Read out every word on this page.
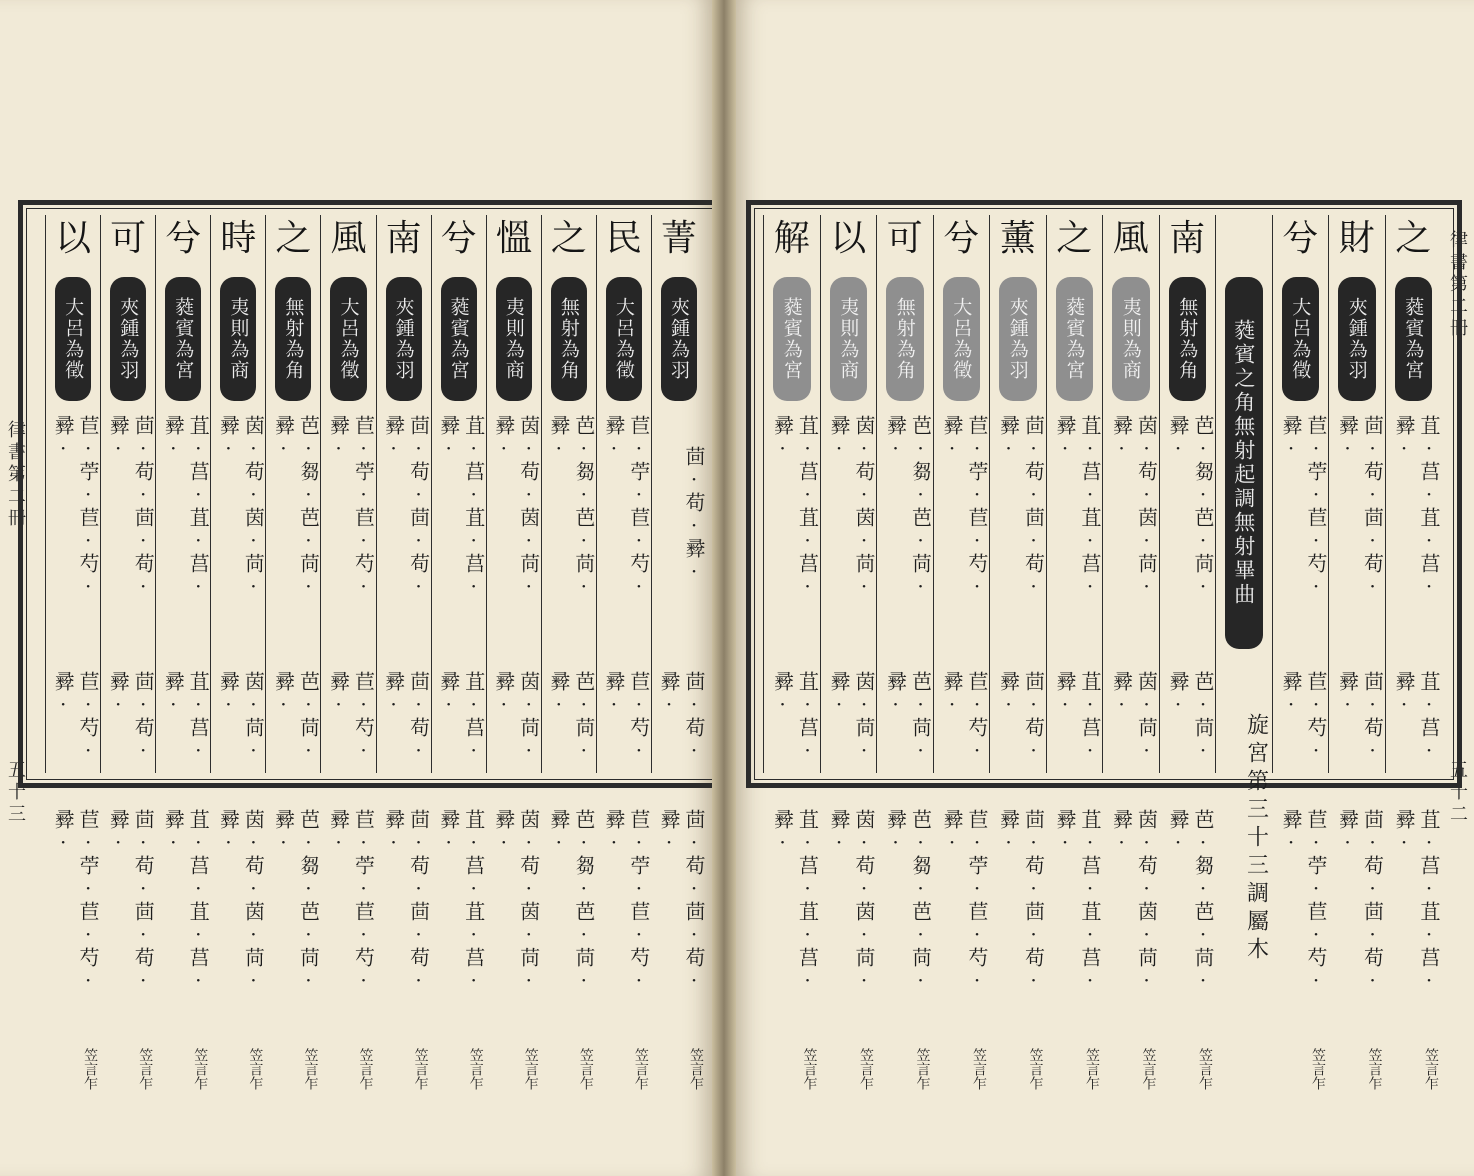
律書第二冊
五十三
菁
夾鍾為羽
茴·苟·彛·
茴·苟·彛·
茴·苟·茴·苟·彛·
笠言乍
民
大呂為徵
苣·苧·苣·芍·彛·
苣·芍·彛·
苣·苧·苣·芍·彛·
笠言乍
之
無射為角
芭·芻·芭·苘·彛·
芭·苘·彛·
芭·芻·芭·苘·彛·
笠言乍
慍
夷則為商
茵·苟·茵·苘·彛·
茵·苘·彛·
茵·苟·茵·苘·彛·
笠言乍
兮
蕤賓為宮
苴·莒·苴·莒·彛·
苴·莒·彛·
苴·莒·苴·莒·彛·
笠言乍
南
夾鍾為羽
茴·苟·茴·苟·彛·
茴·苟·彛·
茴·苟·茴·苟·彛·
笠言乍
風
大呂為徵
苣·苧·苣·芍·彛·
苣·芍·彛·
苣·苧·苣·芍·彛·
笠言乍
之
無射為角
芭·芻·芭·苘·彛·
芭·苘·彛·
芭·芻·芭·苘·彛·
笠言乍
時
夷則為商
茵·苟·茵·苘·彛·
茵·苘·彛·
茵·苟·茵·苘·彛·
笠言乍
兮
蕤賓為宮
苴·莒·苴·莒·彛·
苴·莒·彛·
苴·莒·苴·莒·彛·
笠言乍
可
夾鍾為羽
茴·苟·茴·苟·彛·
茴·苟·彛·
茴·苟·茴·苟·彛·
笠言乍
以
大呂為徵
苣·苧·苣·芍·彛·
苣·芍·彛·
苣·苧·苣·芍·彛·
笠言乍
律書第二冊
五十二
之
蕤賓為宮
苴·莒·苴·莒·彛·
苴·莒·彛·
苴·莒·苴·莒·彛·
笠言乍
財
夾鍾為羽
茴·苟·茴·苟·彛·
茴·苟·彛·
茴·苟·茴·苟·彛·
笠言乍
兮
大呂為徵
苣·苧·苣·芍·彛·
苣·芍·彛·
苣·苧·苣·芍·彛·
笠言乍
蕤賓之角無射起調無射畢曲
旋宮第三十三調屬木
南
無射為角
芭·芻·芭·苘·彛·
芭·苘·彛·
芭·芻·芭·苘·彛·
笠言乍
風
夷則為商
茵·苟·茵·苘·彛·
茵·苘·彛·
茵·苟·茵·苘·彛·
笠言乍
之
蕤賓為宮
苴·莒·苴·莒·彛·
苴·莒·彛·
苴·莒·苴·莒·彛·
笠言乍
薰
夾鍾為羽
茴·苟·茴·苟·彛·
茴·苟·彛·
茴·苟·茴·苟·彛·
笠言乍
兮
大呂為徵
苣·苧·苣·芍·彛·
苣·芍·彛·
苣·苧·苣·芍·彛·
笠言乍
可
無射為角
芭·芻·芭·苘·彛·
芭·苘·彛·
芭·芻·芭·苘·彛·
笠言乍
以
夷則為商
茵·苟·茵·苘·彛·
茵·苘·彛·
茵·苟·茵·苘·彛·
笠言乍
解
蕤賓為宮
苴·莒·苴·莒·彛·
苴·莒·彛·
苴·莒·苴·莒·彛·
笠言乍
